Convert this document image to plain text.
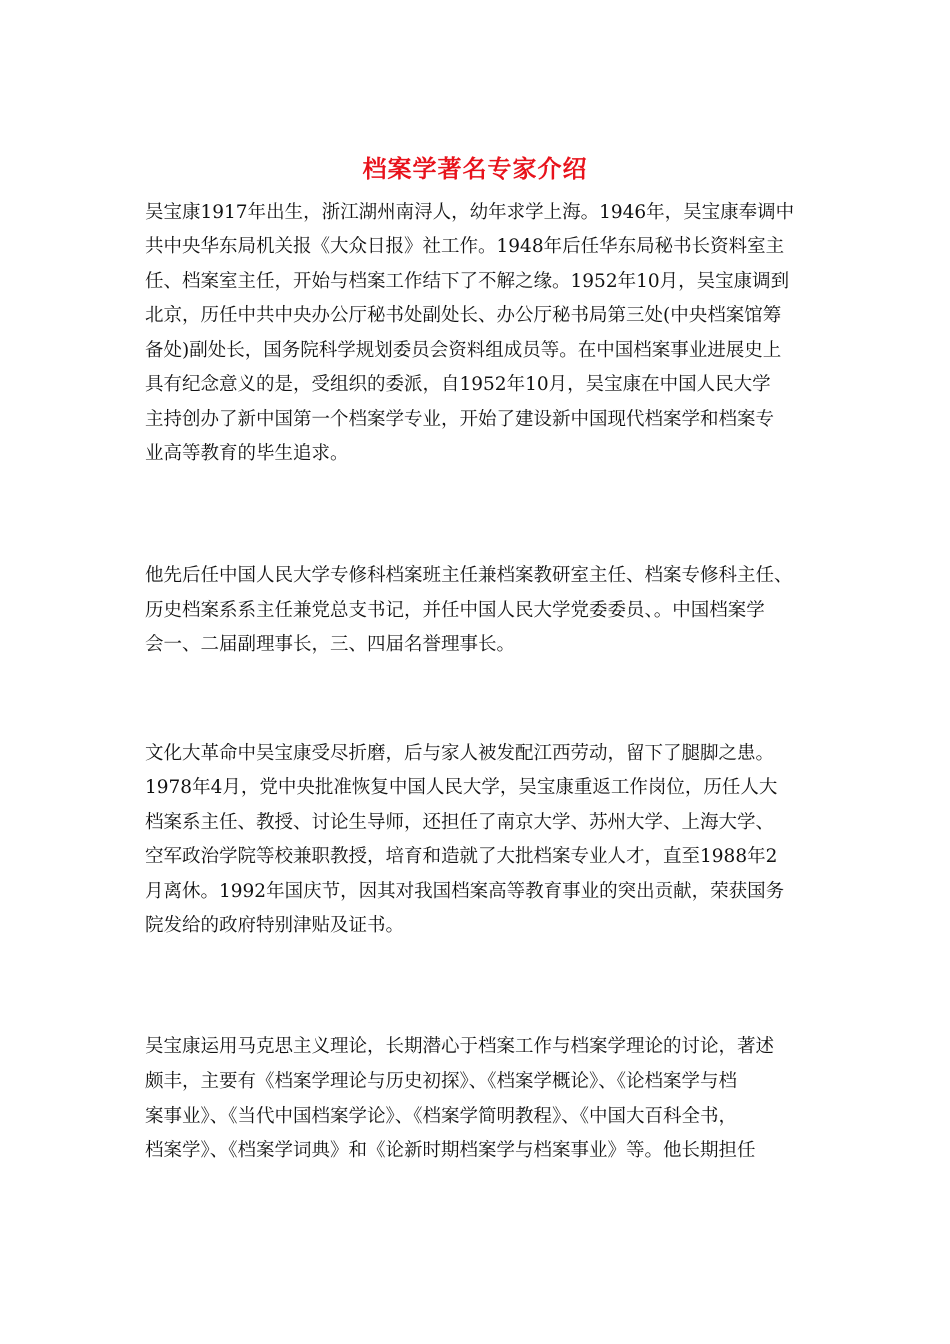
档案学著名专家介绍
吴宝康1917年出生，浙江湖州南浔人，幼年求学上海。1946年，吴宝康奉调中
共中央华东局机关报《大众日报》社工作。1948年后任华东局秘书长资料室主
任、档案室主任，开始与档案工作结下了不解之缘。1952年10月，吴宝康调到
北京，历任中共中央办公厅秘书处副处长、办公厅秘书局第三处(中央档案馆筹
备处)副处长，国务院科学规划委员会资料组成员等。在中国档案事业进展史上
具有纪念意义的是，受组织的委派，自1952年10月，吴宝康在中国人民大学
主持创办了新中国第一个档案学专业，开始了建设新中国现代档案学和档案专
业高等教育的毕生追求。
他先后任中国人民大学专修科档案班主任兼档案教研室主任、档案专修科主任、
历史档案系系主任兼党总支书记，并任中国人民大学党委委员、。中国档案学
会一、二届副理事长，三、四届名誉理事长。
文化大革命中吴宝康受尽折磨，后与家人被发配江西劳动，留下了腿脚之患。
1978年4月，党中央批准恢复中国人民大学，吴宝康重返工作岗位，历任人大
档案系主任、教授、讨论生导师，还担任了南京大学、苏州大学、上海大学、
空军政治学院等校兼职教授，培育和造就了大批档案专业人才，直至1988年2
月离休。1992年国庆节，因其对我国档案高等教育事业的突出贡献，荣获国务
院发给的政府特别津贴及证书。
吴宝康运用马克思主义理论，长期潜心于档案工作与档案学理论的讨论，著述
颇丰，主要有《档案学理论与历史初探》、《档案学概论》、《论档案学与档
案事业》、《当代中国档案学论》、《档案学简明教程》、《中国大百科全书，
档案学》、《档案学词典》和《论新时期档案学与档案事业》等。他长期担任
